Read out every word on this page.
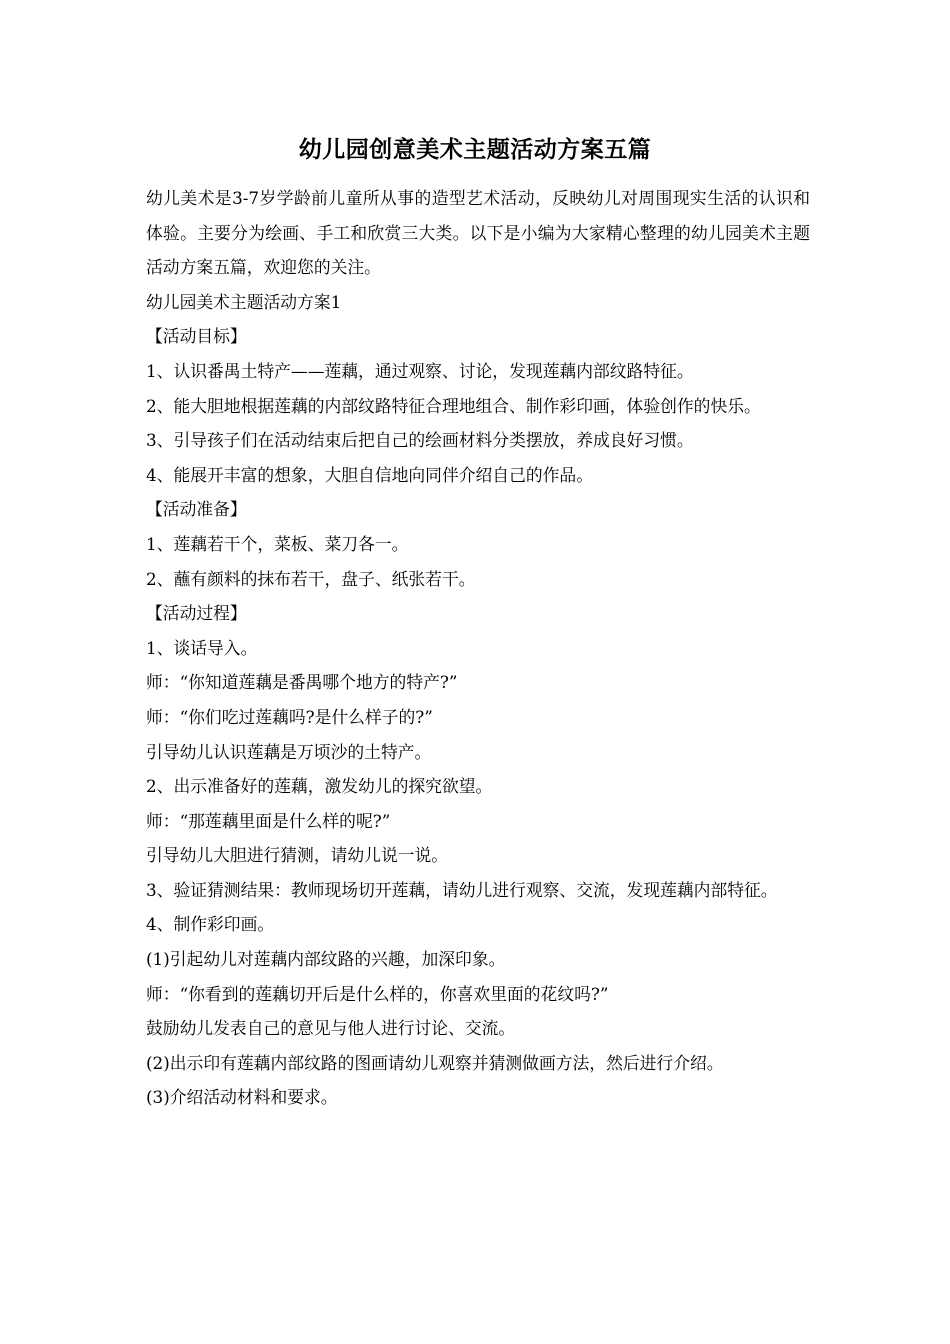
幼儿园创意美术主题活动方案五篇

幼儿美术是3-7岁学龄前儿童所从事的造型艺术活动，反映幼儿对周围现实生活的认识和体验。主要分为绘画、手工和欣赏三大类。以下是小编为大家精心整理的幼儿园美术主题活动方案五篇，欢迎您的关注。

幼儿园美术主题活动方案1

【活动目标】

1、认识番禺土特产——莲藕，通过观察、讨论，发现莲藕内部纹路特征。

2、能大胆地根据莲藕的内部纹路特征合理地组合、制作彩印画，体验创作的快乐。

3、引导孩子们在活动结束后把自己的绘画材料分类摆放，养成良好习惯。

4、能展开丰富的想象，大胆自信地向同伴介绍自己的作品。

【活动准备】

1、莲藕若干个，菜板、菜刀各一。

2、蘸有颜料的抹布若干，盘子、纸张若干。

【活动过程】

1、谈话导入。

师：“你知道莲藕是番禺哪个地方的特产?”

师：“你们吃过莲藕吗?是什么样子的?”

引导幼儿认识莲藕是万顷沙的土特产。

2、出示准备好的莲藕，激发幼儿的探究欲望。

师：“那莲藕里面是什么样的呢?”

引导幼儿大胆进行猜测，请幼儿说一说。

3、验证猜测结果：教师现场切开莲藕，请幼儿进行观察、交流，发现莲藕内部特征。

4、制作彩印画。

(1)引起幼儿对莲藕内部纹路的兴趣，加深印象。

师：“你看到的莲藕切开后是什么样的，你喜欢里面的花纹吗?”

鼓励幼儿发表自己的意见与他人进行讨论、交流。

(2)出示印有莲藕内部纹路的图画请幼儿观察并猜测做画方法，然后进行介绍。

(3)介绍活动材料和要求。
